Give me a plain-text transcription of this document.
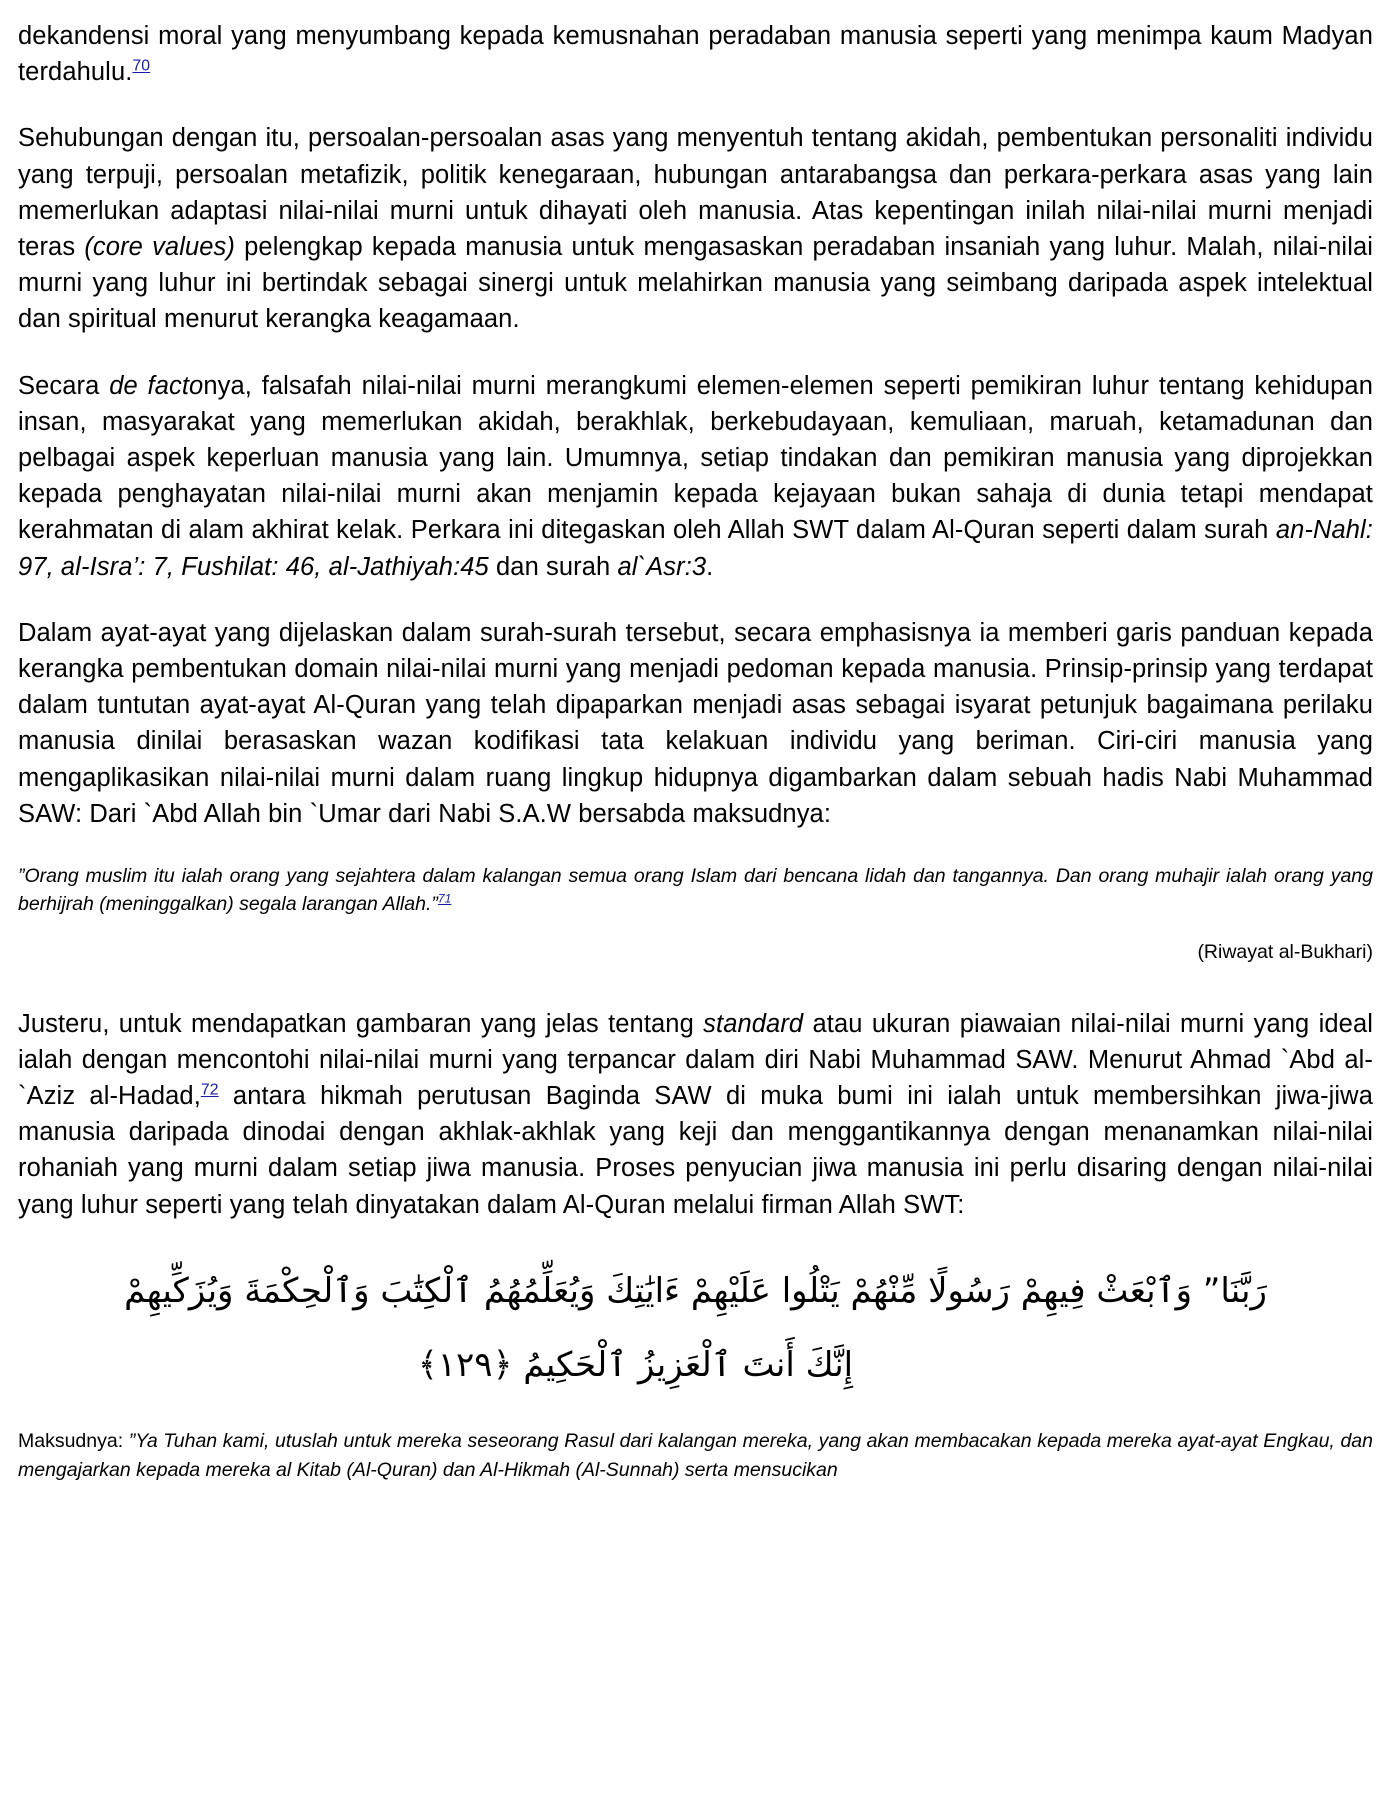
dekandensi moral yang menyumbang kepada kemusnahan peradaban manusia seperti yang menimpa kaum Madyan terdahulu.$^{70}$

Sehubungan dengan itu, persoalan-persoalan asas yang menyentuh tentang akidah, pembentukan personaliti individu yang terpuji, persoalan metafizik, politik kenegaraan, hubungan antarabangsa dan perkara-perkara asas yang lain memerlukan adaptasi nilai-nilai murni untuk dihayati oleh manusia. Atas kepentingan inilah nilai-nilai murni menjadi teras (core values) pelengkap kepada manusia untuk mengasaskan peradaban insaniah yang luhur. Malah, nilai-nilai murni yang luhur ini bertindak sebagai sinergi untuk melahirkan manusia yang seimbang daripada aspek intelektual dan spiritual menurut kerangka keagamaan.

Secara de factonya, falsafah nilai-nilai murni merangkumi elemen-elemen seperti pemikiran luhur tentang kehidupan insan, masyarakat yang memerlukan akidah, berakhlak, berkebudayaan, kemuliaan, maruah, ketamadunan dan pelbagai aspek keperluan manusia yang lain. Umumnya, setiap tindakan dan pemikiran manusia yang diprojekkan kepada penghayatan nilai-nilai murni akan menjamin kepada kejayaan bukan sahaja di dunia tetapi mendapat kerahmatan di alam akhirat kelak. Perkara ini ditegaskan oleh Allah SWT dalam Al-Quran seperti dalam surah an-Nahl: 97, al-Isra’: 7, Fushilat: 46, al-Jathiyah:45 dan surah al`Asr:3.

Dalam ayat-ayat yang dijelaskan dalam surah-surah tersebut, secara emphasisnya ia memberi garis panduan kepada kerangka pembentukan domain nilai-nilai murni yang menjadi pedoman kepada manusia. Prinsip-prinsip yang terdapat dalam tuntutan ayat-ayat Al-Quran yang telah dipaparkan menjadi asas sebagai isyarat petunjuk bagaimana perilaku manusia dinilai berasaskan wazan kodifikasi tata kelakuan individu yang beriman. Ciri-ciri manusia yang mengaplikasikan nilai-nilai murni dalam ruang lingkup hidupnya digambarkan dalam sebuah hadis Nabi Muhammad SAW: Dari `Abd Allah bin `Umar dari Nabi S.A.W bersabda maksudnya:

”Orang muslim itu ialah orang yang sejahtera dalam kalangan semua orang Islam dari bencana lidah dan tangannya. Dan orang muhajir ialah orang yang berhijrah (meninggalkan) segala larangan Allah.”$^{71}$
(Riwayat al-Bukhari)

Justeru, untuk mendapatkan gambaran yang jelas tentang standard atau ukuran piawaian nilai-nilai murni yang ideal ialah dengan mencontohi nilai-nilai murni yang terpancar dalam diri Nabi Muhammad SAW. Menurut Ahmad `Abd al-`Aziz al-Hadad,$^{72}$ antara hikmah perutusan Baginda SAW di muka bumi ini ialah untuk membersihkan jiwa-jiwa manusia daripada dinodai dengan akhlak-akhlak yang keji dan menggantikannya dengan menanamkan nilai-nilai rohaniah yang murni dalam setiap jiwa manusia. Proses penyucian jiwa manusia ini perlu disaring dengan nilai-nilai yang luhur seperti yang telah dinyatakan dalam Al-Quran melalui firman Allah SWT:

رَبَّنَا” وَٱبْعَثْ فِيهِمْ رَسُولًا مِّنْهُمْ يَتْلُوا عَلَيْهِمْ ءَايَٰتِكَ وَيُعَلِّمُهُمُ ٱلْكِتَٰبَ وَٱلْحِكْمَةَ وَيُزَكِّيهِمْ
إِنَّكَ أَنتَ ٱلْعَزِيزُ ٱلْحَكِيمُ ﴿١٢٩﴾

Maksudnya: ”Ya Tuhan kami, utuslah untuk mereka seseorang Rasul dari kalangan mereka, yang akan membacakan kepada mereka ayat-ayat Engkau, dan mengajarkan kepada mereka al Kitab (Al-Quran) dan Al-Hikmah (Al-Sunnah) serta mensucikan
